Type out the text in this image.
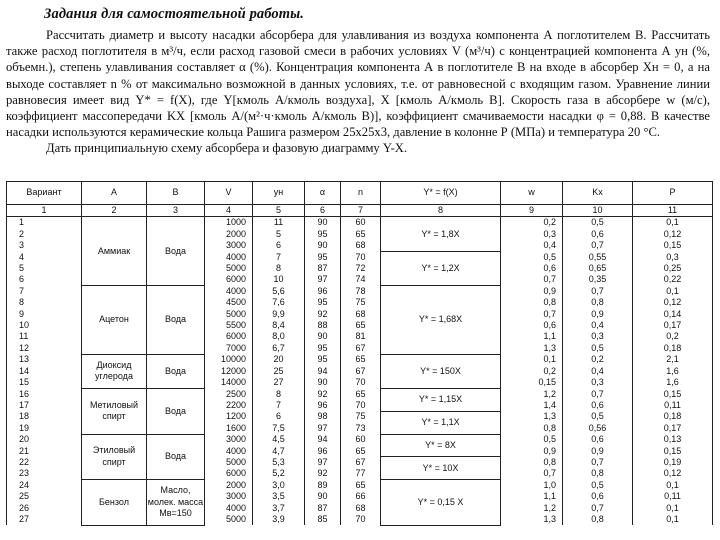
Задания для самостоятельной работы.

Рассчитать диаметр и высоту насадки абсорбера для улавливания из воздуха компонента А поглотителем В. Рассчитать также расход поглотителя в м³/ч, если расход газовой смеси в рабочих условиях V (м³/ч) с концентрацией компонента А yн (%, объемн.), степень улавливания составляет α (%). Концентрация компонента А в поглотителе В на входе в абсорбер Xн = 0, а на выходе составляет n % от максимально возможной в данных условиях, т.е. от равновесной с входящим газом. Уравнение линии равновесия имеет вид Y* = f(X), где Y[кмоль А/кмоль воздуха], X [кмоль А/кмоль В]. Скорость газа в абсорбере w (м/с), коэффициент массопередачи KX [кмоль А/(м²·ч·кмоль А/кмоль В)], коэффициент смачиваемости насадки φ = 0,88. В качестве насадки используются керамические кольца Рашига размером 25х25х3, давление в колонне Р (МПа) и температура 20 °С.

Дать принципиальную схему абсорбера и фазовую диаграмму Y-X.

Вариант	А	В	V	yн	α	n	Y* = f(X)	w	Kx	P
1	2	3	4	5	6	7	8	9	10	11
1	Аммиак	Вода	1000	11	90	60	Y* = 1,8X	0,2	0,5	0,1
2			2000	5	95	65		0,3	0,6	0,12
3			3000	6	90	68		0,4	0,7	0,15
4			4000	7	95	70	Y* = 1,2X	0,5	0,55	0,3
5			5000	8	87	72		0,6	0,65	0,25
6			6000	10	97	74		0,7	0,35	0,22
7	Ацетон	Вода	4000	5,6	96	78	Y* = 1,68X	0,9	0,7	0,1
8			4500	7,6	95	75		0,8	0,8	0,12
9			5000	9,9	92	68		0,7	0,9	0,14
10			5500	8,4	88	65		0,6	0,4	0,17
11			6000	8,0	90	81		1,1	0,3	0,2
12			7000	6,7	95	67		1,3	0,5	0,18
13	Диоксид углерода	Вода	10000	20	95	65	Y* = 150X	0,1	0,2	2,1
14			12000	25	94	67		0,2	0,4	1,6
15			14000	27	90	70		0,15	0,3	1,6
16	Метиловый спирт	Вода	2500	8	92	65	Y* = 1,15X	1,2	0,7	0,15
17			2200	7	96	70		1,4	0,6	0,11
18			1200	6	98	75	Y* = 1,1X	1,3	0,5	0,18
19			1600	7,5	97	73		0,8	0,56	0,17
20	Этиловый спирт	Вода	3000	4,5	94	60	Y* = 8X	0,5	0,6	0,13
21			4000	4,7	96	65		0,9	0,9	0,15
22			5000	5,3	97	67	Y* = 10X	0,8	0,7	0,19
23			6000	5,2	92	77		0,7	0,8	0,12
24	Бензол	Масло, молек. масса Мв=150	2000	3,0	89	65	Y* = 0,15 X	1,0	0,5	0,1
25			3000	3,5	90	66		1,1	0,6	0,11
26			4000	3,7	87	68		1,2	0,7	0,1
27			5000	3,9	85	70		1,3	0,8	0,1
